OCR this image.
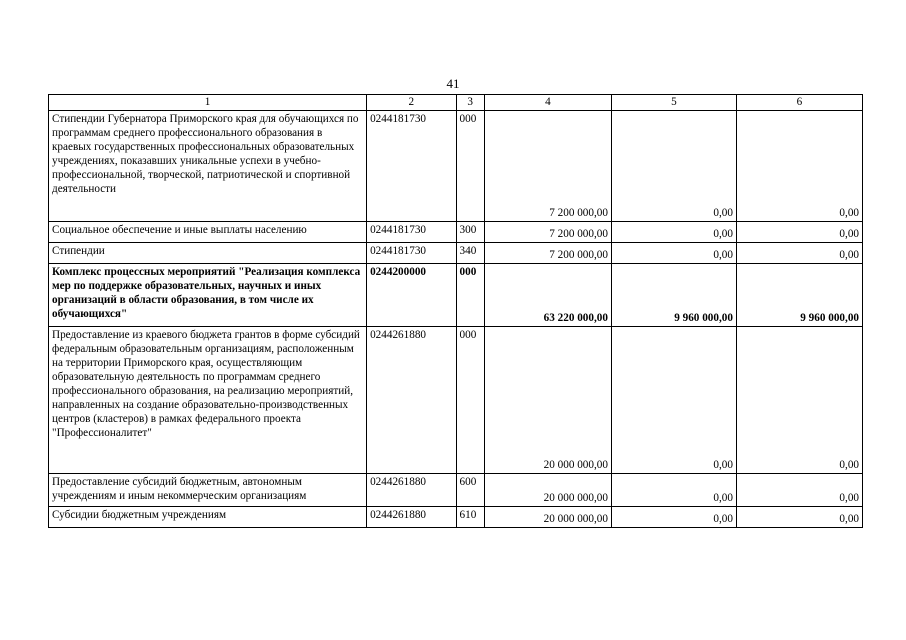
41
1	2	3	4	5	6
Стипендии Губернатора Приморского края для обучающихся по программам среднего профессионального образования в краевых государственных профессиональных образовательных учреждениях, показавших уникальные успехи в учебно-профессиональной, творческой, патриотической и спортивной деятельности	0244181730	000	7 200 000,00	0,00	0,00
Социальное обеспечение и иные выплаты населению	0244181730	300	7 200 000,00	0,00	0,00
Стипендии	0244181730	340	7 200 000,00	0,00	0,00
Комплекс процессных мероприятий "Реализация комплекса мер по поддержке образовательных, научных и иных организаций в области образования, в том числе их обучающихся"	0244200000	000	63 220 000,00	9 960 000,00	9 960 000,00
Предоставление из краевого бюджета грантов в форме субсидий федеральным образовательным организациям, расположенным на территории Приморского края, осуществляющим образовательную деятельность по программам среднего профессионального образования, на реализацию мероприятий, направленных на создание образовательно-производственных центров (кластеров) в рамках федерального проекта "Профессионалитет"	0244261880	000	20 000 000,00	0,00	0,00
Предоставление субсидий бюджетным, автономным учреждениям и иным некоммерческим организациям	0244261880	600	20 000 000,00	0,00	0,00
Субсидии бюджетным учреждениям	0244261880	610	20 000 000,00	0,00	0,00
